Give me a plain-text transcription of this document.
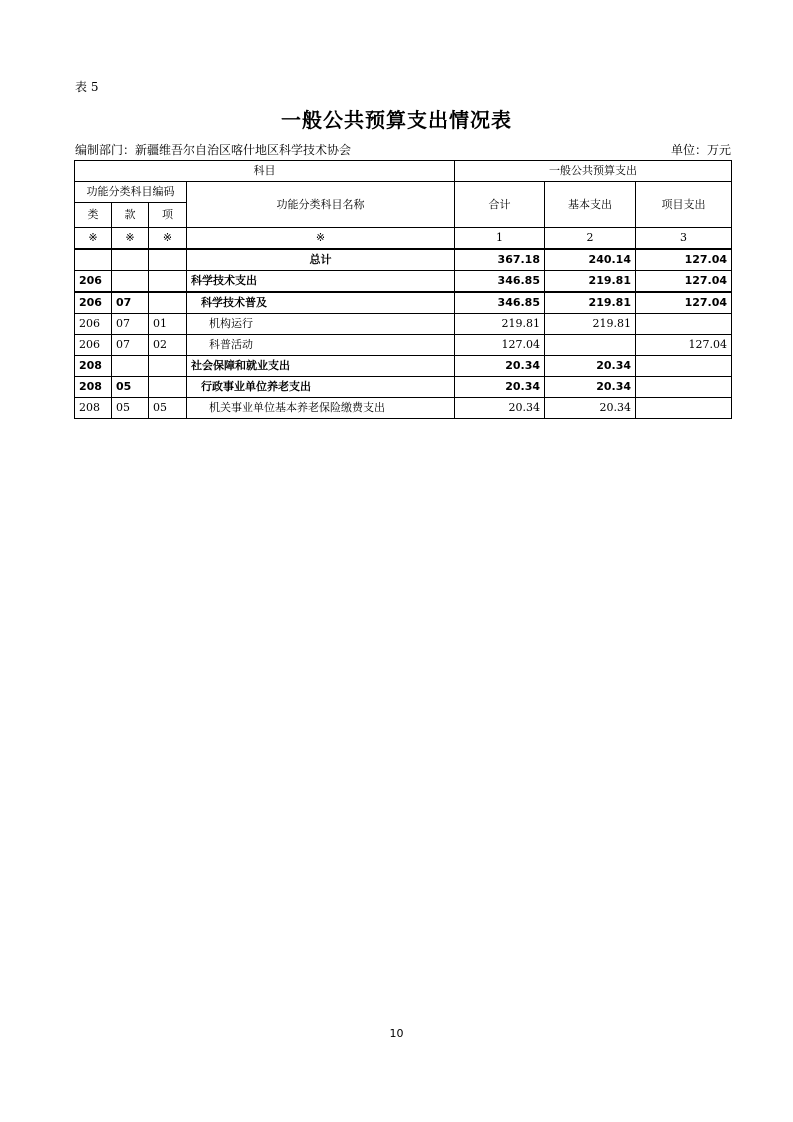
表 5
一般公共预算支出情况表
编制部门：新疆维吾尔自治区喀什地区科学技术协会	单位：万元
科目				一般公共预算支出		
功能分类科目编码			功能分类科目名称	合计	基本支出	项目支出
类	款	项				
※	※	※	※	1	2	3
			总计	367.18	240.14	127.04
206			科学技术支出	346.85	219.81	127.04
206	07		科学技术普及	346.85	219.81	127.04
206	07	01	机构运行	219.81	219.81	
206	07	02	科普活动	127.04		127.04
208			社会保障和就业支出	20.34	20.34	
208	05		行政事业单位养老支出	20.34	20.34	
208	05	05	机关事业单位基本养老保险缴费支出	20.34	20.34	
10
